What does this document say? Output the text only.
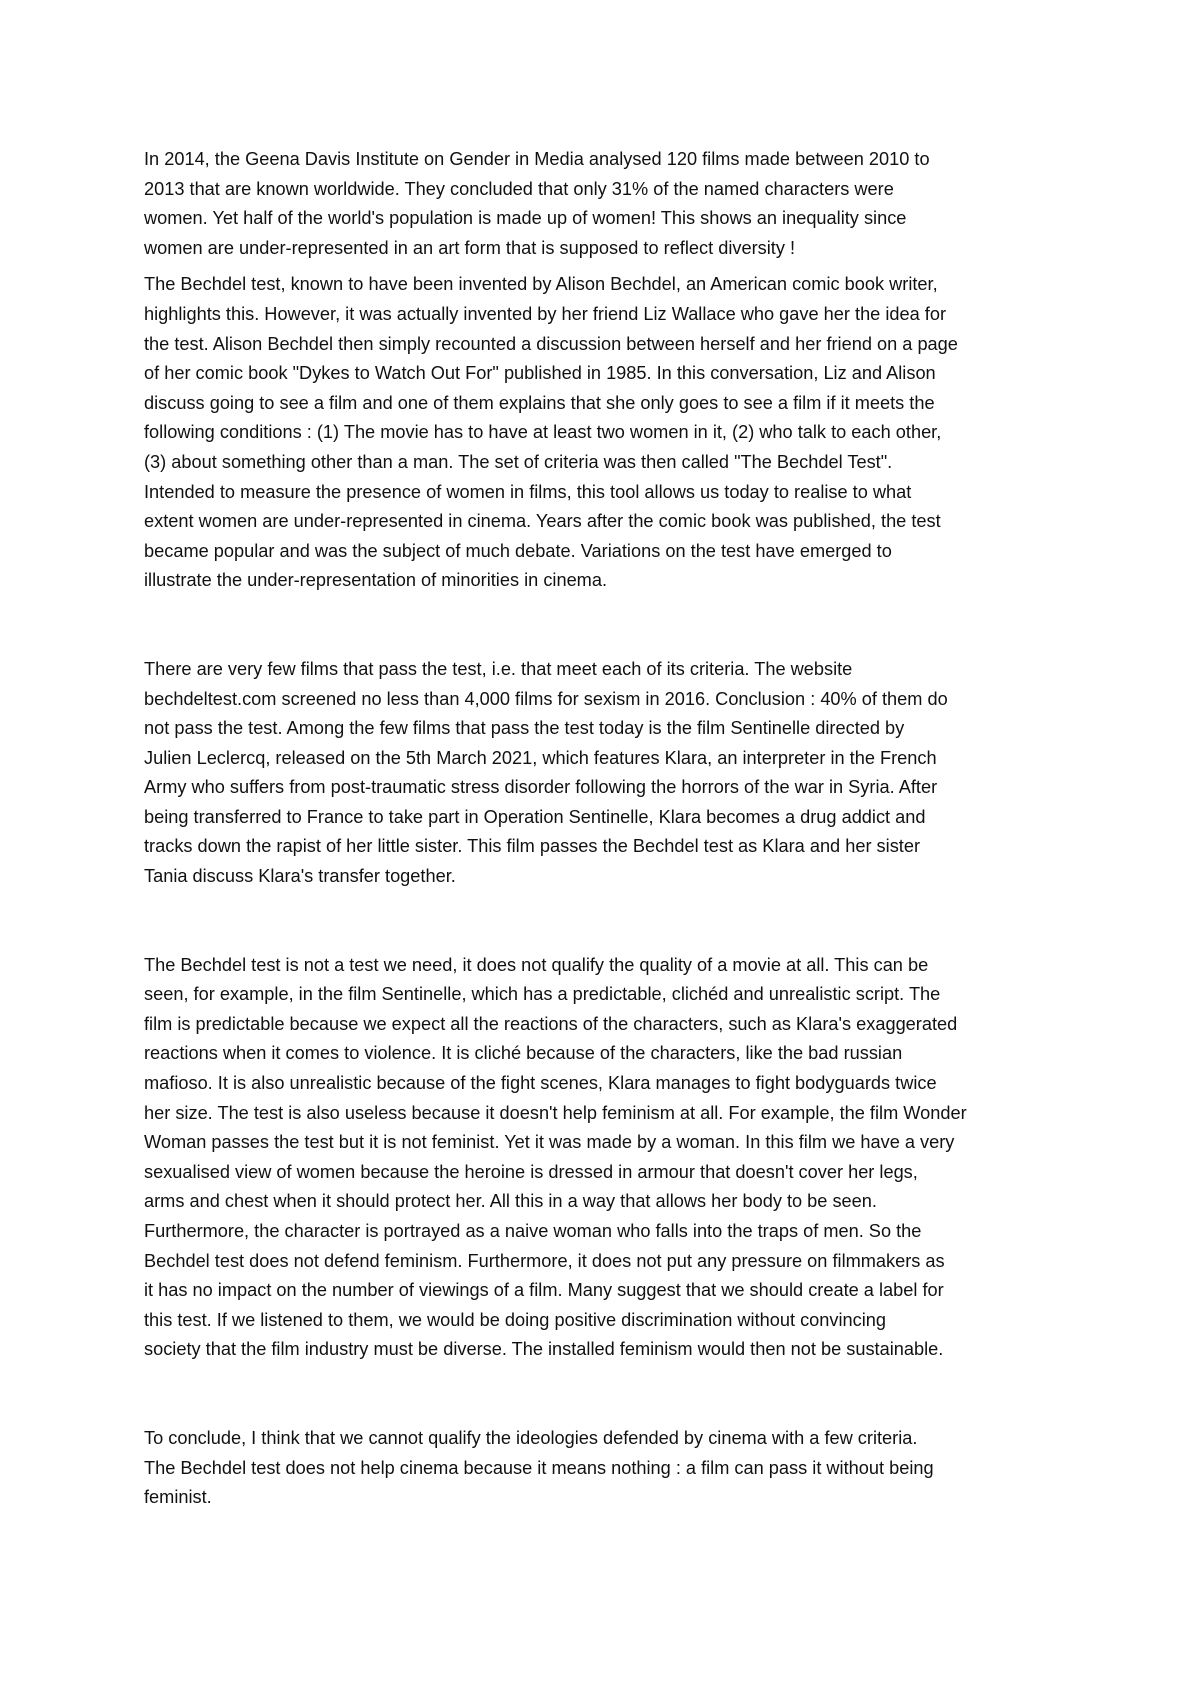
In 2014, the Geena Davis Institute on Gender in Media analysed 120 films made between 2010 to
2013 that are known worldwide. They concluded that only 31% of the named characters were
women. Yet half of the world's population is made up of women! This shows an inequality since
women are under-represented in an art form that is supposed to reflect diversity !

The Bechdel test, known to have been invented by Alison Bechdel, an American comic book writer,
highlights this. However, it was actually invented by her friend Liz Wallace who gave her the idea for
the test. Alison Bechdel then simply recounted a discussion between herself and her friend on a page
of her comic book "Dykes to Watch Out For" published in 1985. In this conversation, Liz and Alison
discuss going to see a film and one of them explains that she only goes to see a film if it meets the
following conditions : (1) The movie has to have at least two women in it, (2) who talk to each other,
(3) about something other than a man. The set of criteria was then called "The Bechdel Test".
Intended to measure the presence of women in films, this tool allows us today to realise to what
extent women are under-represented in cinema. Years after the comic book was published, the test
became popular and was the subject of much debate. Variations on the test have emerged to
illustrate the under-representation of minorities in cinema.

There are very few films that pass the test, i.e. that meet each of its criteria. The website
bechdeltest.com screened no less than 4,000 films for sexism in 2016. Conclusion : 40% of them do
not pass the test. Among the few films that pass the test today is the film Sentinelle directed by
Julien Leclercq, released on the 5th March 2021, which features Klara, an interpreter in the French
Army who suffers from post-traumatic stress disorder following the horrors of the war in Syria. After
being transferred to France to take part in Operation Sentinelle, Klara becomes a drug addict and
tracks down the rapist of her little sister. This film passes the Bechdel test as Klara and her sister
Tania discuss Klara's transfer together.

The Bechdel test is not a test we need, it does not qualify the quality of a movie at all. This can be
seen, for example, in the film Sentinelle, which has a predictable, clichéd and unrealistic script. The
film is predictable because we expect all the reactions of the characters, such as Klara's exaggerated
reactions when it comes to violence. It is cliché because of the characters, like the bad russian
mafioso. It is also unrealistic because of the fight scenes, Klara manages to fight bodyguards twice
her size. The test is also useless because it doesn't help feminism at all. For example, the film Wonder
Woman passes the test but it is not feminist. Yet it was made by a woman. In this film we have a very
sexualised view of women because the heroine is dressed in armour that doesn't cover her legs,
arms and chest when it should protect her. All this in a way that allows her body to be seen.
Furthermore, the character is portrayed as a naive woman who falls into the traps of men. So the
Bechdel test does not defend feminism. Furthermore, it does not put any pressure on filmmakers as
it has no impact on the number of viewings of a film. Many suggest that we should create a label for
this test. If we listened to them, we would be doing positive discrimination without convincing
society that the film industry must be diverse. The installed feminism would then not be sustainable.

To conclude, I think that we cannot qualify the ideologies defended by cinema with a few criteria.
The Bechdel test does not help cinema because it means nothing : a film can pass it without being
feminist.
